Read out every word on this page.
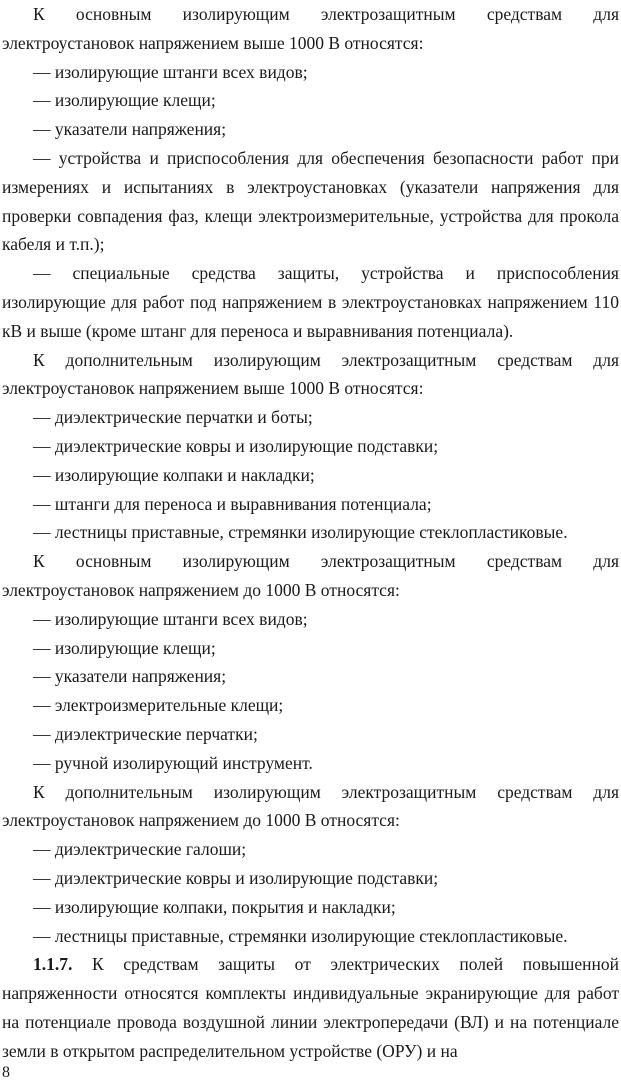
К основным изолирующим электрозащитным средствам для электроустановок напряжением выше 1000 В относятся:

— изолирующие штанги всех видов;

— изолирующие клещи;

— указатели напряжения;

— устройства и приспособления для обеспечения безопасности работ при измерениях и испытаниях в электроустановках (указатели напряжения для проверки совпадения фаз, клещи электроизмерительные, устройства для прокола кабеля и т.п.);

— специальные средства защиты, устройства и приспособления изолирующие для работ под напряжением в электроустановках напряжением 110 кВ и выше (кроме штанг для переноса и выравнивания потенциала).

К дополнительным изолирующим электрозащитным средствам для электроустановок напряжением выше 1000 В относятся:

— диэлектрические перчатки и боты;

— диэлектрические ковры и изолирующие подставки;

— изолирующие колпаки и накладки;

— штанги для переноса и выравнивания потенциала;

— лестницы приставные, стремянки изолирующие стеклопластиковые.

К основным изолирующим электрозащитным средствам для электроустановок напряжением до 1000 В относятся:

— изолирующие штанги всех видов;

— изолирующие клещи;

— указатели напряжения;

— электроизмерительные клещи;

— диэлектрические перчатки;

— ручной изолирующий инструмент.

К дополнительным изолирующим электрозащитным средствам для электроустановок напряжением до 1000 В относятся:

— диэлектрические галоши;

— диэлектрические ковры и изолирующие подставки;

— изолирующие колпаки, покрытия и накладки;

— лестницы приставные, стремянки изолирующие стеклопластиковые.

1.1.7. К средствам защиты от электрических полей повышенной напряженности относятся комплекты индивидуальные экранирующие для работ на потенциале провода воздушной линии электропередачи (ВЛ) и на потенциале земли в открытом распределительном устройстве (ОРУ) и на

8
